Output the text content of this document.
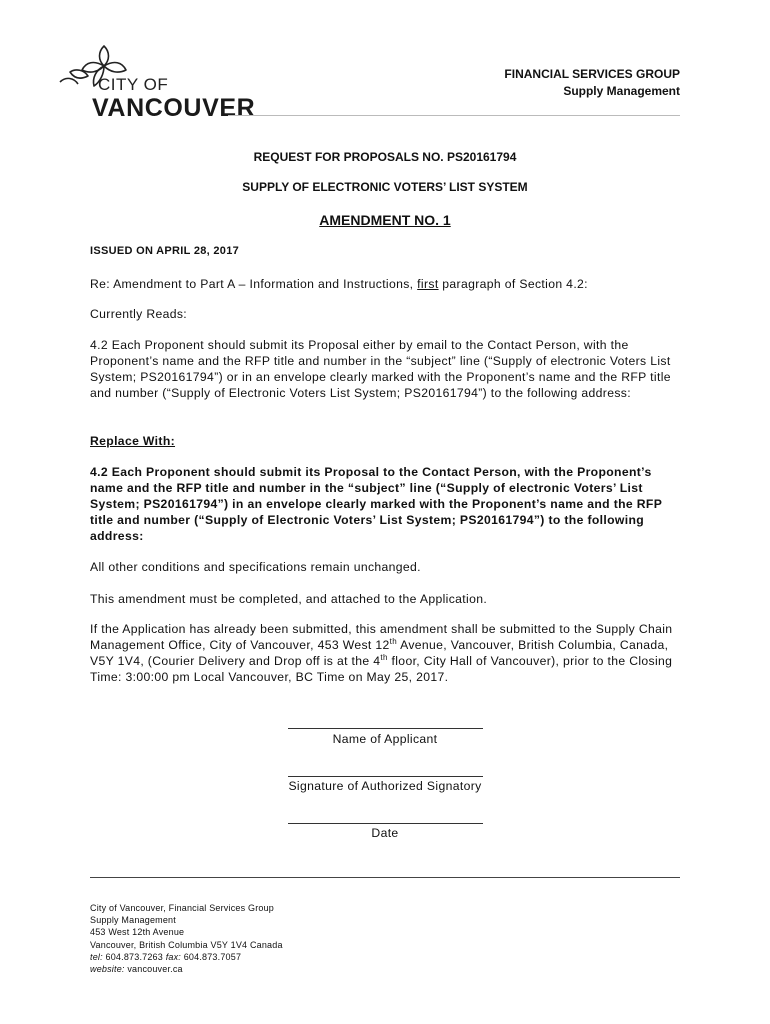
CITY OF
VANCOUVER
FINANCIAL SERVICES GROUP
Supply Management
REQUEST FOR PROPOSALS NO. PS20161794
SUPPLY OF ELECTRONIC VOTERS’ LIST SYSTEM
AMENDMENT NO. 1
ISSUED ON APRIL 28, 2017
Re: Amendment to Part A – Information and Instructions, first paragraph of Section 4.2:
Currently Reads:
4.2 Each Proponent should submit its Proposal either by email to the Contact Person, with the Proponent’s name and the RFP title and number in the “subject” line (“Supply of electronic Voters List System; PS20161794”) or in an envelope clearly marked with the Proponent’s name and the RFP title and number (“Supply of Electronic Voters List System; PS20161794”) to the following address:
Replace With:
4.2 Each Proponent should submit its Proposal to the Contact Person, with the Proponent’s name and the RFP title and number in the “subject” line (“Supply of electronic Voters’ List System; PS20161794”) in an envelope clearly marked with the Proponent’s name and the RFP title and number (“Supply of Electronic Voters’ List System; PS20161794”) to the following address:
All other conditions and specifications remain unchanged.
This amendment must be completed, and attached to the Application.
If the Application has already been submitted, this amendment shall be submitted to the Supply Chain Management Office, City of Vancouver, 453 West 12th Avenue, Vancouver, British Columbia, Canada, V5Y 1V4, (Courier Delivery and Drop off is at the 4th floor, City Hall of Vancouver), prior to the Closing Time: 3:00:00 pm Local Vancouver, BC Time on May 25, 2017.
Name of Applicant
Signature of Authorized Signatory
Date
City of Vancouver, Financial Services Group
Supply Management
453 West 12th Avenue
Vancouver, British Columbia V5Y 1V4 Canada
tel: 604.873.7263 fax: 604.873.7057
website: vancouver.ca
